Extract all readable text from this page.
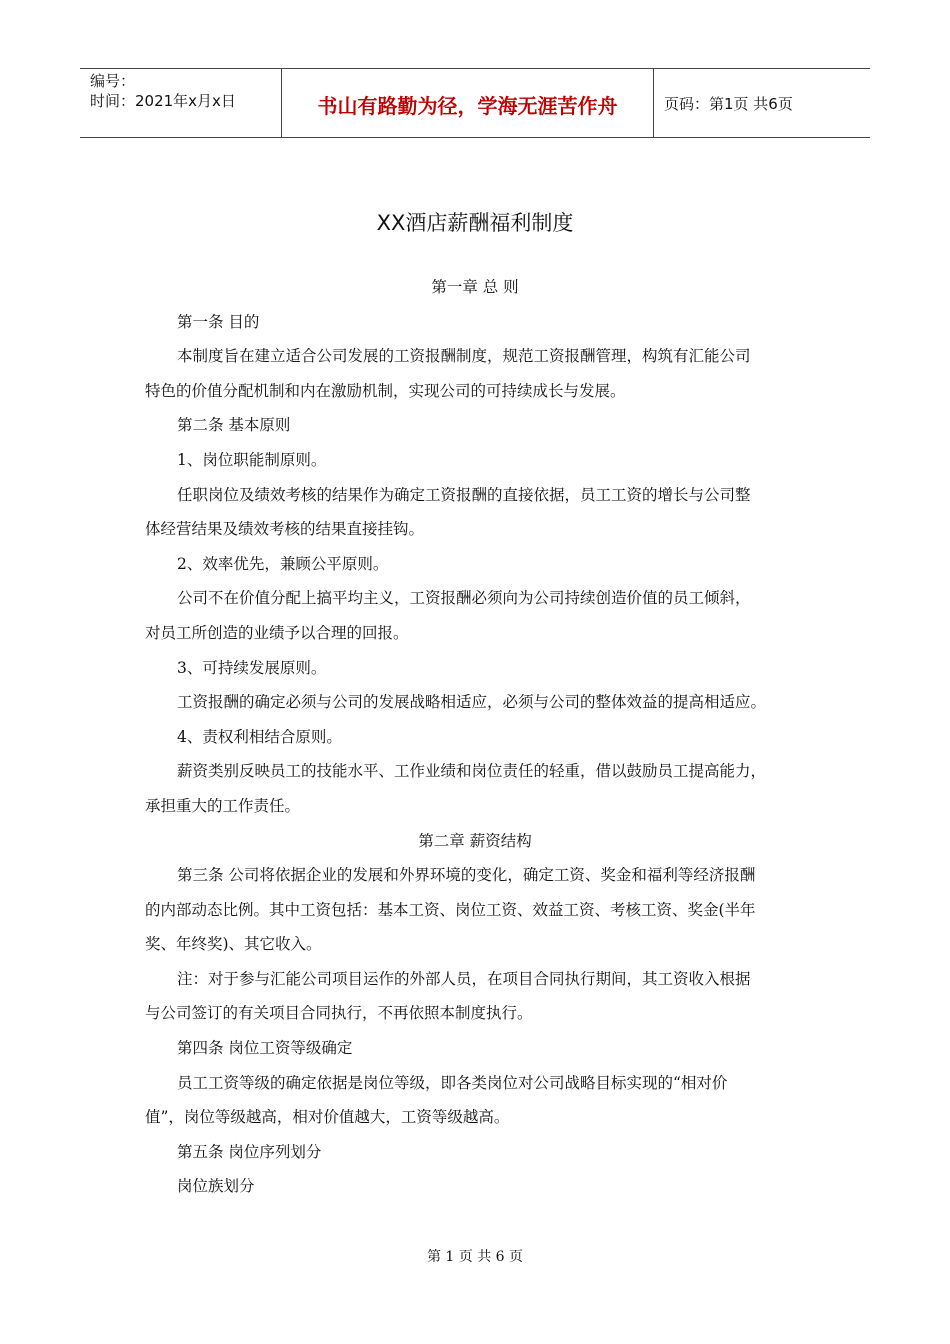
编号：
时间：2021年x月x日	书山有路勤为径，学海无涯苦作舟	页码：第1页 共6页
XX酒店薪酬福利制度
第一章 总 则
第一条 目的
本制度旨在建立适合公司发展的工资报酬制度，规范工资报酬管理，构筑有汇能公司
特色的价值分配机制和内在激励机制，实现公司的可持续成长与发展。
第二条 基本原则
1、岗位职能制原则。
任职岗位及绩效考核的结果作为确定工资报酬的直接依据，员工工资的增长与公司整
体经营结果及绩效考核的结果直接挂钩。
2、效率优先，兼顾公平原则。
公司不在价值分配上搞平均主义，工资报酬必须向为公司持续创造价值的员工倾斜，
对员工所创造的业绩予以合理的回报。
3、可持续发展原则。
工资报酬的确定必须与公司的发展战略相适应，必须与公司的整体效益的提高相适应。
4、责权利相结合原则。
薪资类别反映员工的技能水平、工作业绩和岗位责任的轻重，借以鼓励员工提高能力，
承担重大的工作责任。
第二章 薪资结构
第三条 公司将依据企业的发展和外界环境的变化，确定工资、奖金和福利等经济报酬
的内部动态比例。其中工资包括：基本工资、岗位工资、效益工资、考核工资、奖金(半年
奖、年终奖)、其它收入。
注：对于参与汇能公司项目运作的外部人员，在项目合同执行期间，其工资收入根据
与公司签订的有关项目合同执行，不再依照本制度执行。
第四条 岗位工资等级确定
员工工资等级的确定依据是岗位等级，即各类岗位对公司战略目标实现的“相对价
值”，岗位等级越高，相对价值越大，工资等级越高。
第五条 岗位序列划分
岗位族划分
第 1 页 共 6 页
